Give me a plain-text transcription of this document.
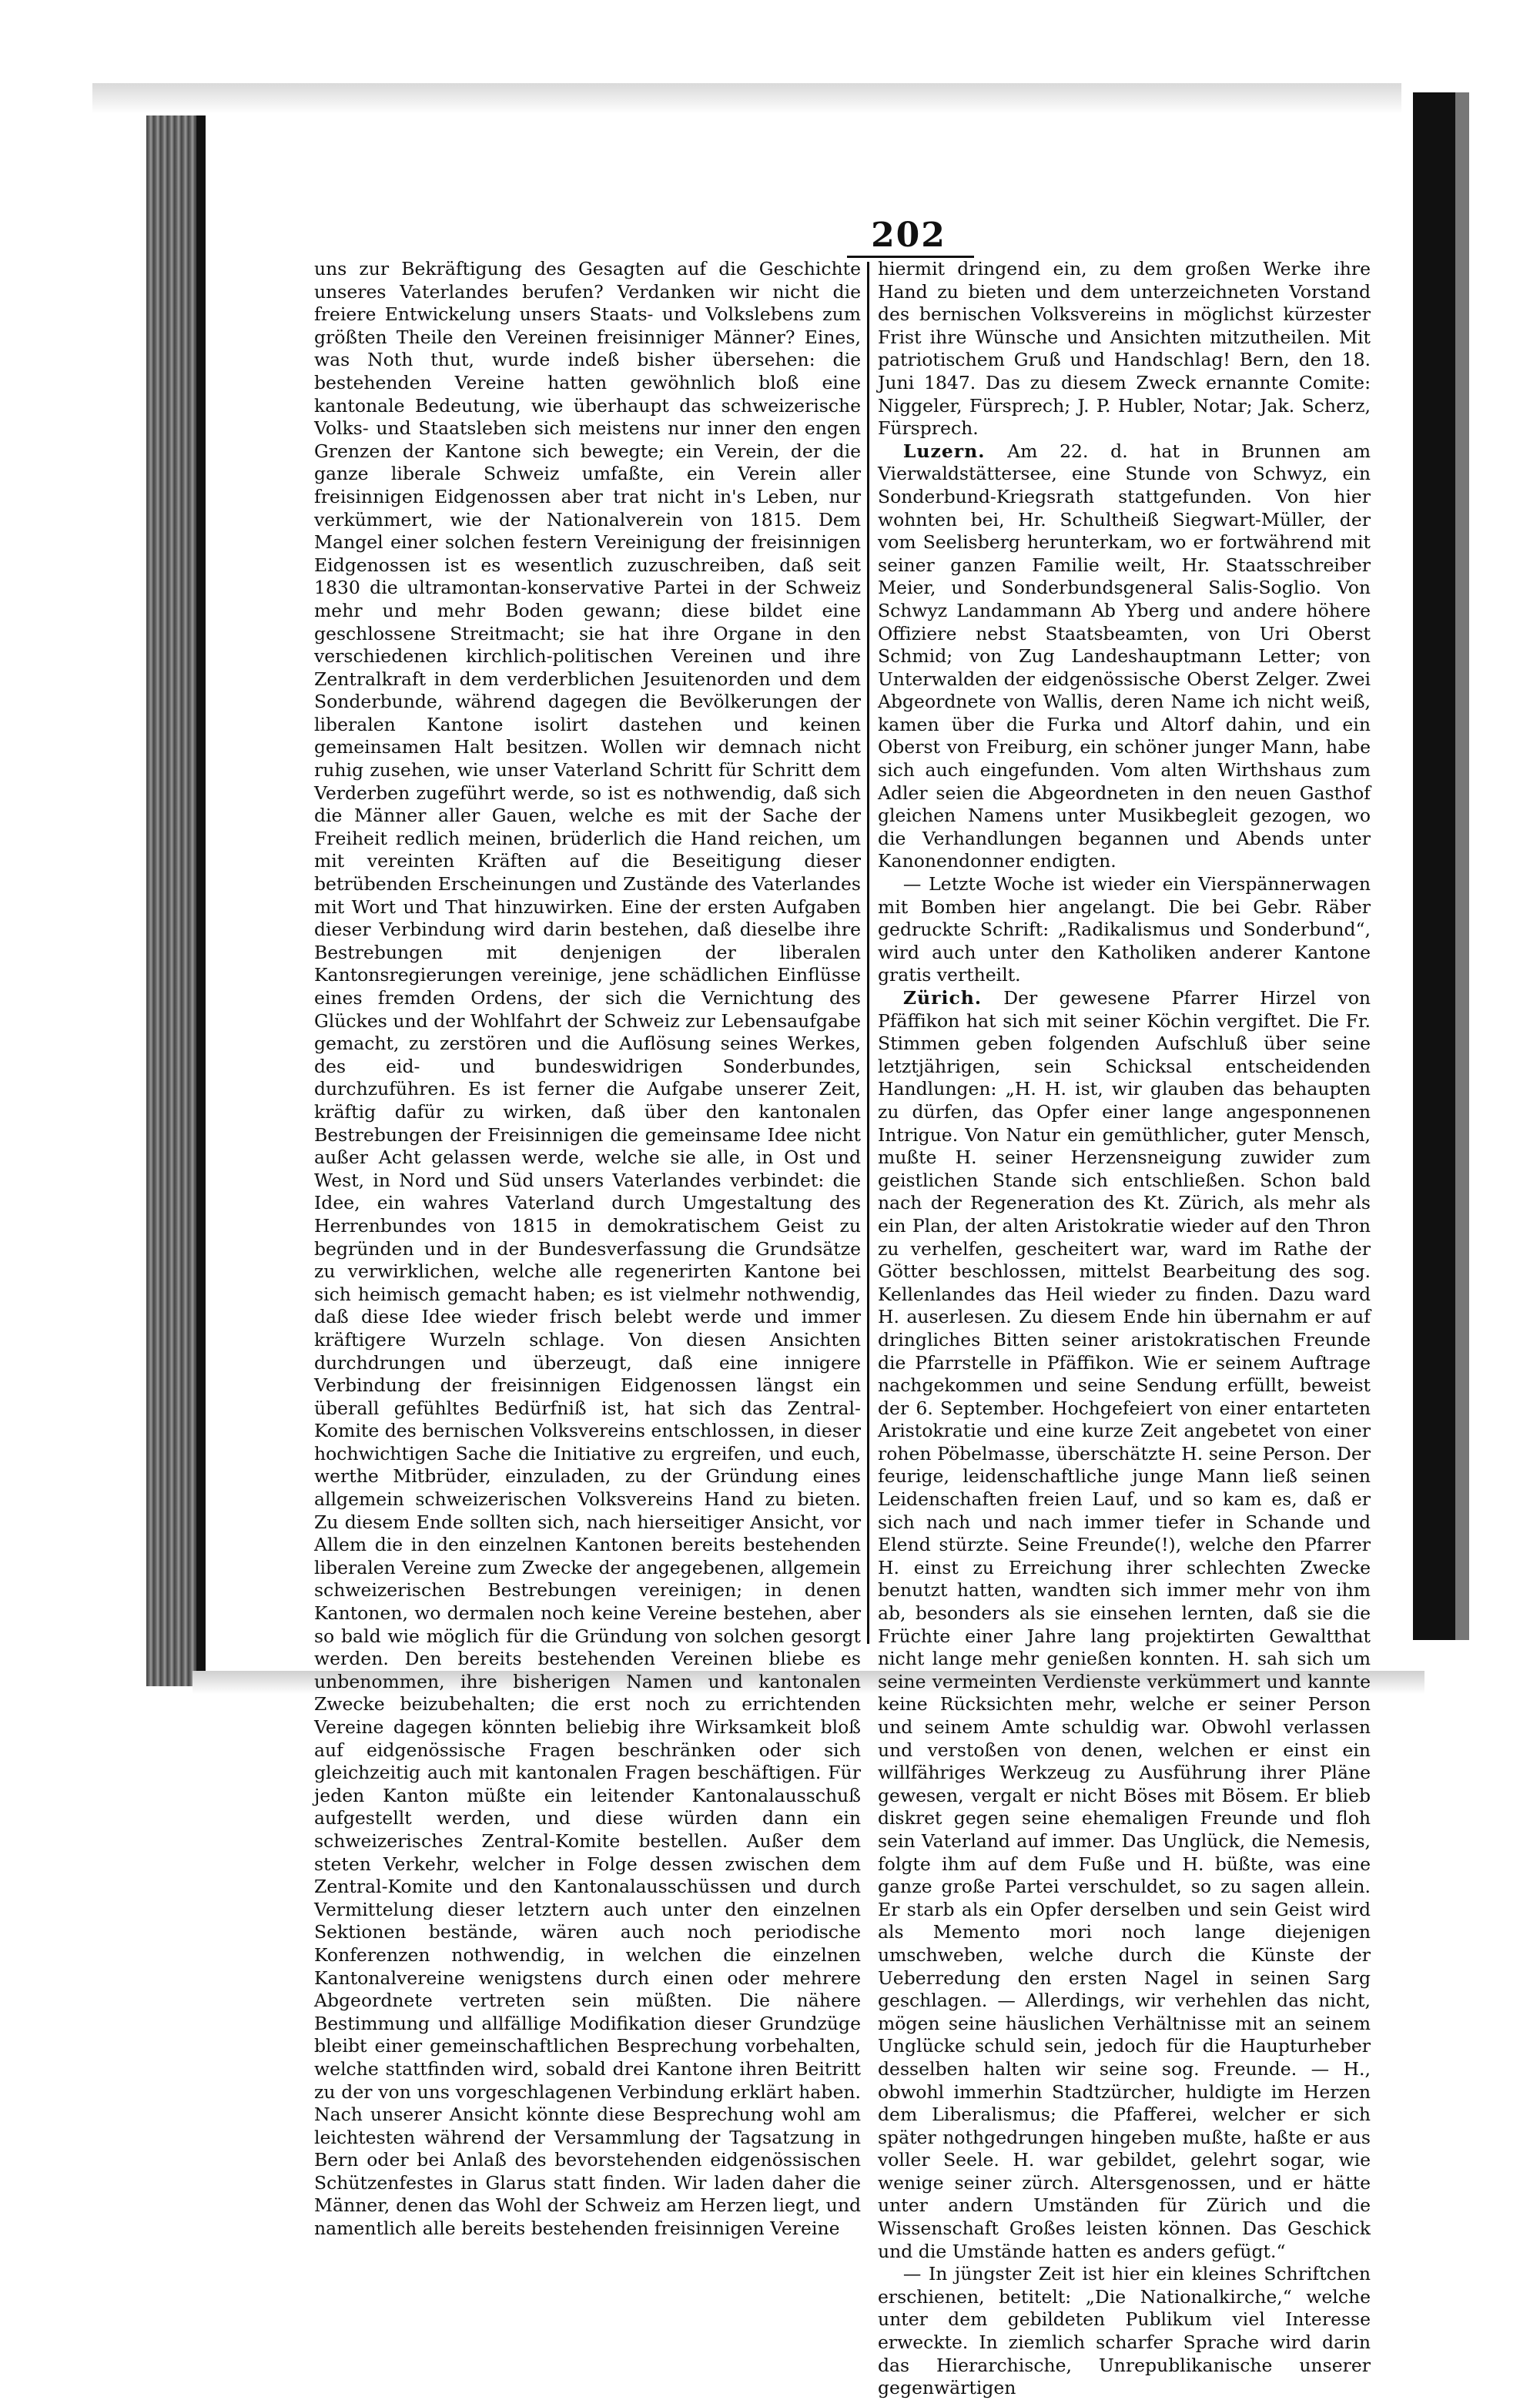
202

uns zur Bekräftigung des Gesagten auf die Geschichte unseres Vaterlandes berufen? Verdanken wir nicht die freiere Entwickelung unsers Staats- und Volkslebens zum größten Theile den Vereinen freisinniger Männer? Eines, was Noth thut, wurde indeß bisher übersehen: die bestehenden Vereine hatten gewöhnlich bloß eine kantonale Bedeutung, wie überhaupt das schweizerische Volks- und Staatsleben sich meistens nur inner den engen Grenzen der Kantone sich bewegte; ein Verein, der die ganze liberale Schweiz umfaßte, ein Verein aller freisinnigen Eidgenossen aber trat nicht in's Leben, nur verkümmert, wie der Nationalverein von 1815. Dem Mangel einer solchen festern Vereinigung der freisinnigen Eidgenossen ist es wesentlich zuzuschreiben, daß seit 1830 die ultramontan-konservative Partei in der Schweiz mehr und mehr Boden gewann; diese bildet eine geschlossene Streitmacht; sie hat ihre Organe in den verschiedenen kirchlich-politischen Vereinen und ihre Zentralkraft in dem verderblichen Jesuitenorden und dem Sonderbunde, während dagegen die Bevölkerungen der liberalen Kantone isolirt dastehen und keinen gemeinsamen Halt besitzen. Wollen wir demnach nicht ruhig zusehen, wie unser Vaterland Schritt für Schritt dem Verderben zugeführt werde, so ist es nothwendig, daß sich die Männer aller Gauen, welche es mit der Sache der Freiheit redlich meinen, brüderlich die Hand reichen, um mit vereinten Kräften auf die Beseitigung dieser betrübenden Erscheinungen und Zustände des Vaterlandes mit Wort und That hinzuwirken. Eine der ersten Aufgaben dieser Verbindung wird darin bestehen, daß dieselbe ihre Bestrebungen mit denjenigen der liberalen Kantonsregierungen vereinige, jene schädlichen Einflüsse eines fremden Ordens, der sich die Vernichtung des Glückes und der Wohlfahrt der Schweiz zur Lebensaufgabe gemacht, zu zerstören und die Auflösung seines Werkes, des eid- und bundeswidrigen Sonderbundes, durchzuführen. Es ist ferner die Aufgabe unserer Zeit, kräftig dafür zu wirken, daß über den kantonalen Bestrebungen der Freisinnigen die gemeinsame Idee nicht außer Acht gelassen werde, welche sie alle, in Ost und West, in Nord und Süd unsers Vaterlandes verbindet: die Idee, ein wahres Vaterland durch Umgestaltung des Herrenbundes von 1815 in demokratischem Geist zu begründen und in der Bundesverfassung die Grundsätze zu verwirklichen, welche alle regenerirten Kantone bei sich heimisch gemacht haben; es ist vielmehr nothwendig, daß diese Idee wieder frisch belebt werde und immer kräftigere Wurzeln schlage. Von diesen Ansichten durchdrungen und überzeugt, daß eine innigere Verbindung der freisinnigen Eidgenossen längst ein überall gefühltes Bedürfniß ist, hat sich das Zentral-Komite des bernischen Volksvereins entschlossen, in dieser hochwichtigen Sache die Initiative zu ergreifen, und euch, werthe Mitbrüder, einzuladen, zu der Gründung eines allgemein schweizerischen Volksvereins Hand zu bieten. Zu diesem Ende sollten sich, nach hierseitiger Ansicht, vor Allem die in den einzelnen Kantonen bereits bestehenden liberalen Vereine zum Zwecke der angegebenen, allgemein schweizerischen Bestrebungen vereinigen; in denen Kantonen, wo dermalen noch keine Vereine bestehen, aber so bald wie möglich für die Gründung von solchen gesorgt werden. Den bereits bestehenden Vereinen bliebe es unbenommen, ihre bisherigen Namen und kantonalen Zwecke beizubehalten; die erst noch zu errichtenden Vereine dagegen könnten beliebig ihre Wirksamkeit bloß auf eidgenössische Fragen beschränken oder sich gleichzeitig auch mit kantonalen Fragen beschäftigen. Für jeden Kanton müßte ein leitender Kantonalausschuß aufgestellt werden, und diese würden dann ein schweizerisches Zentral-Komite bestellen. Außer dem steten Verkehr, welcher in Folge dessen zwischen dem Zentral-Komite und den Kantonalausschüssen und durch Vermittelung dieser letztern auch unter den einzelnen Sektionen bestände, wären auch noch periodische Konferenzen nothwendig, in welchen die einzelnen Kantonalvereine wenigstens durch einen oder mehrere Abgeordnete vertreten sein müßten. Die nähere Bestimmung und allfällige Modifikation dieser Grundzüge bleibt einer gemeinschaftlichen Besprechung vorbehalten, welche stattfinden wird, sobald drei Kantone ihren Beitritt zu der von uns vorgeschlagenen Verbindung erklärt haben. Nach unserer Ansicht könnte diese Besprechung wohl am leichtesten während der Versammlung der Tagsatzung in Bern oder bei Anlaß des bevorstehenden eidgenössischen Schützenfestes in Glarus statt finden. Wir laden daher die Männer, denen das Wohl der Schweiz am Herzen liegt, und namentlich alle bereits bestehenden freisinnigen Vereine

hiermit dringend ein, zu dem großen Werke ihre Hand zu bieten und dem unterzeichneten Vorstand des bernischen Volksvereins in möglichst kürzester Frist ihre Wünsche und Ansichten mitzutheilen. Mit patriotischem Gruß und Handschlag! Bern, den 18. Juni 1847. Das zu diesem Zweck ernannte Comite: Niggeler, Fürsprech; J. P. Hubler, Notar; Jak. Scherz, Fürsprech.

Luzern. Am 22. d. hat in Brunnen am Vierwaldstättersee, eine Stunde von Schwyz, ein Sonderbund-Kriegsrath stattgefunden. Von hier wohnten bei, Hr. Schultheiß Siegwart-Müller, der vom Seelisberg herunterkam, wo er fortwährend mit seiner ganzen Familie weilt, Hr. Staatsschreiber Meier, und Sonderbundsgeneral Salis-Soglio. Von Schwyz Landammann Ab Yberg und andere höhere Offiziere nebst Staatsbeamten, von Uri Oberst Schmid; von Zug Landeshauptmann Letter; von Unterwalden der eidgenössische Oberst Zelger. Zwei Abgeordnete von Wallis, deren Name ich nicht weiß, kamen über die Furka und Altorf dahin, und ein Oberst von Freiburg, ein schöner junger Mann, habe sich auch eingefunden. Vom alten Wirthshaus zum Adler seien die Abgeordneten in den neuen Gasthof gleichen Namens unter Musikbegleit gezogen, wo die Verhandlungen begannen und Abends unter Kanonendonner endigten.

— Letzte Woche ist wieder ein Vierspännerwagen mit Bomben hier angelangt. Die bei Gebr. Räber gedruckte Schrift: „Radikalismus und Sonderbund“, wird auch unter den Katholiken anderer Kantone gratis vertheilt.

Zürich. Der gewesene Pfarrer Hirzel von Pfäffikon hat sich mit seiner Köchin vergiftet. Die Fr. Stimmen geben folgenden Aufschluß über seine letztjährigen, sein Schicksal entscheidenden Handlungen: „H. H. ist, wir glauben das behaupten zu dürfen, das Opfer einer lange angesponnenen Intrigue. Von Natur ein gemüthlicher, guter Mensch, mußte H. seiner Herzensneigung zuwider zum geistlichen Stande sich entschließen. Schon bald nach der Regeneration des Kt. Zürich, als mehr als ein Plan, der alten Aristokratie wieder auf den Thron zu verhelfen, gescheitert war, ward im Rathe der Götter beschlossen, mittelst Bearbeitung des sog. Kellenlandes das Heil wieder zu finden. Dazu ward H. auserlesen. Zu diesem Ende hin übernahm er auf dringliches Bitten seiner aristokratischen Freunde die Pfarrstelle in Pfäffikon. Wie er seinem Auftrage nachgekommen und seine Sendung erfüllt, beweist der 6. September. Hochgefeiert von einer entarteten Aristokratie und eine kurze Zeit angebetet von einer rohen Pöbelmasse, überschätzte H. seine Person. Der feurige, leidenschaftliche junge Mann ließ seinen Leidenschaften freien Lauf, und so kam es, daß er sich nach und nach immer tiefer in Schande und Elend stürzte. Seine Freunde(!), welche den Pfarrer H. einst zu Erreichung ihrer schlechten Zwecke benutzt hatten, wandten sich immer mehr von ihm ab, besonders als sie einsehen lernten, daß sie die Früchte einer Jahre lang projektirten Gewaltthat nicht lange mehr genießen konnten. H. sah sich um seine vermeinten Verdienste verkümmert und kannte keine Rücksichten mehr, welche er seiner Person und seinem Amte schuldig war. Obwohl verlassen und verstoßen von denen, welchen er einst ein willfähriges Werkzeug zu Ausführung ihrer Pläne gewesen, vergalt er nicht Böses mit Bösem. Er blieb diskret gegen seine ehemaligen Freunde und floh sein Vaterland auf immer. Das Unglück, die Nemesis, folgte ihm auf dem Fuße und H. büßte, was eine ganze große Partei verschuldet, so zu sagen allein. Er starb als ein Opfer derselben und sein Geist wird als Memento mori noch lange diejenigen umschweben, welche durch die Künste der Ueberredung den ersten Nagel in seinen Sarg geschlagen. — Allerdings, wir verhehlen das nicht, mögen seine häuslichen Verhältnisse mit an seinem Unglücke schuld sein, jedoch für die Haupturheber desselben halten wir seine sog. Freunde. — H., obwohl immerhin Stadtzürcher, huldigte im Herzen dem Liberalismus; die Pfafferei, welcher er sich später nothgedrungen hingeben mußte, haßte er aus voller Seele. H. war gebildet, gelehrt sogar, wie wenige seiner zürch. Altersgenossen, und er hätte unter andern Umständen für Zürich und die Wissenschaft Großes leisten können. Das Geschick und die Umstände hatten es anders gefügt.“

— In jüngster Zeit ist hier ein kleines Schriftchen erschienen, betitelt: „Die Nationalkirche,“ welche unter dem gebildeten Publikum viel Interesse erweckte. In ziemlich scharfer Sprache wird darin das Hierarchische, Unrepublikanische unserer gegenwärtigen
